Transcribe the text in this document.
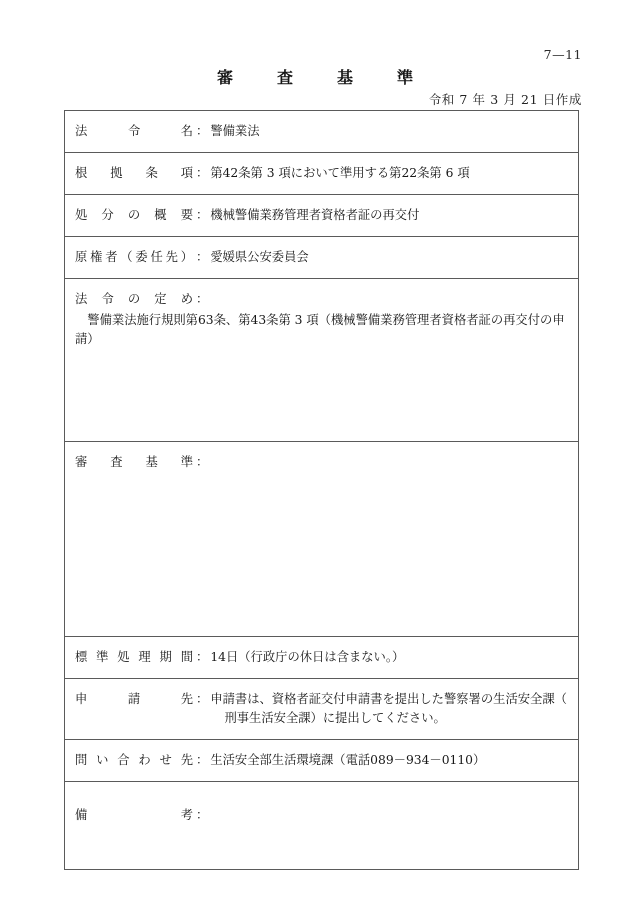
7—11
審　査　基　準
令和 7 年 3 月 21 日作成
法令名 ： 警備業法

根拠条項 ： 第42条第 3 項において準用する第22条第 6 項

処分の概要 ： 機械警備業務管理者資格者証の再交付

原権者（委任先） ： 愛媛県公安委員会

法令の定め ：
警備業法施行規則第63条、第43条第 3 項（機械警備業務管理者資格者証の再交付の申請）

審査基準 ：

標準処理期間 ： 14日（行政庁の休日は含まない。）

申請先 ： 申請書は、資格者証交付申請書を提出した警察署の生活安全課（
刑事生活安全課）に提出してください。

問い合わせ先 ： 生活安全部生活環境課（電話089－934－0110）

備考 ：
